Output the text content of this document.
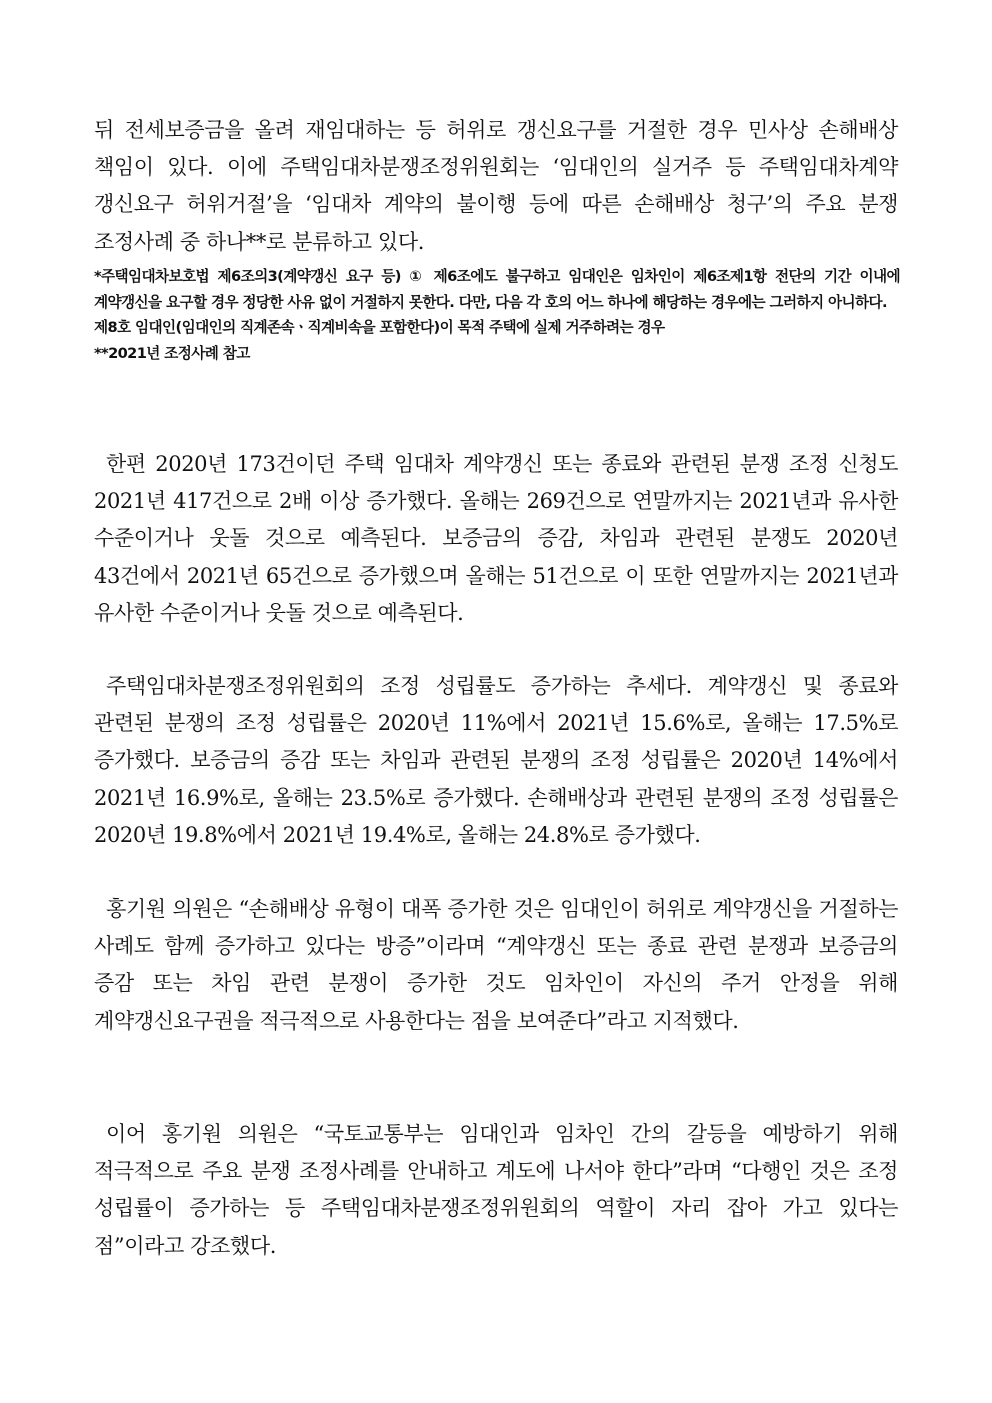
뒤 전세보증금을 올려 재임대하는 등 허위로 갱신요구를 거절한 경우 민사상 손해배상 책임이 있다. 이에 주택임대차분쟁조정위원회는 ‘임대인의 실거주 등 주택임대차계약 갱신요구 허위거절’을 ‘임대차 계약의 불이행 등에 따른 손해배상 청구’의 주요 분쟁 조정사례 중 하나**로 분류하고 있다.

*주택임대차보호법 제6조의3(계약갱신 요구 등) ① 제6조에도 불구하고 임대인은 임차인이 제6조제1항 전단의 기간 이내에 계약갱신을 요구할 경우 정당한 사유 없이 거절하지 못한다. 다만, 다음 각 호의 어느 하나에 해당하는 경우에는 그러하지 아니하다.

제8호 임대인(임대인의 직계존속ㆍ직계비속을 포함한다)이 목적 주택에 실제 거주하려는 경우

**2021년 조정사례 참고

한편 2020년 173건이던 주택 임대차 계약갱신 또는 종료와 관련된 분쟁 조정 신청도 2021년 417건으로 2배 이상 증가했다. 올해는 269건으로 연말까지는 2021년과 유사한 수준이거나 웃돌 것으로 예측된다. 보증금의 증감, 차임과 관련된 분쟁도 2020년 43건에서 2021년 65건으로 증가했으며 올해는 51건으로 이 또한 연말까지는 2021년과 유사한 수준이거나 웃돌 것으로 예측된다.

주택임대차분쟁조정위원회의 조정 성립률도 증가하는 추세다. 계약갱신 및 종료와 관련된 분쟁의 조정 성립률은 2020년 11%에서 2021년 15.6%로, 올해는 17.5%로 증가했다. 보증금의 증감 또는 차임과 관련된 분쟁의 조정 성립률은 2020년 14%에서 2021년 16.9%로, 올해는 23.5%로 증가했다. 손해배상과 관련된 분쟁의 조정 성립률은 2020년 19.8%에서 2021년 19.4%로, 올해는 24.8%로 증가했다.

홍기원 의원은 “손해배상 유형이 대폭 증가한 것은 임대인이 허위로 계약갱신을 거절하는 사례도 함께 증가하고 있다는 방증”이라며 “계약갱신 또는 종료 관련 분쟁과 보증금의 증감 또는 차임 관련 분쟁이 증가한 것도 임차인이 자신의 주거 안정을 위해 계약갱신요구권을 적극적으로 사용한다는 점을 보여준다”라고 지적했다.

이어 홍기원 의원은 “국토교통부는 임대인과 임차인 간의 갈등을 예방하기 위해 적극적으로 주요 분쟁 조정사례를 안내하고 계도에 나서야 한다”라며 “다행인 것은 조정 성립률이 증가하는 등 주택임대차분쟁조정위원회의 역할이 자리 잡아 가고 있다는 점”이라고 강조했다.
